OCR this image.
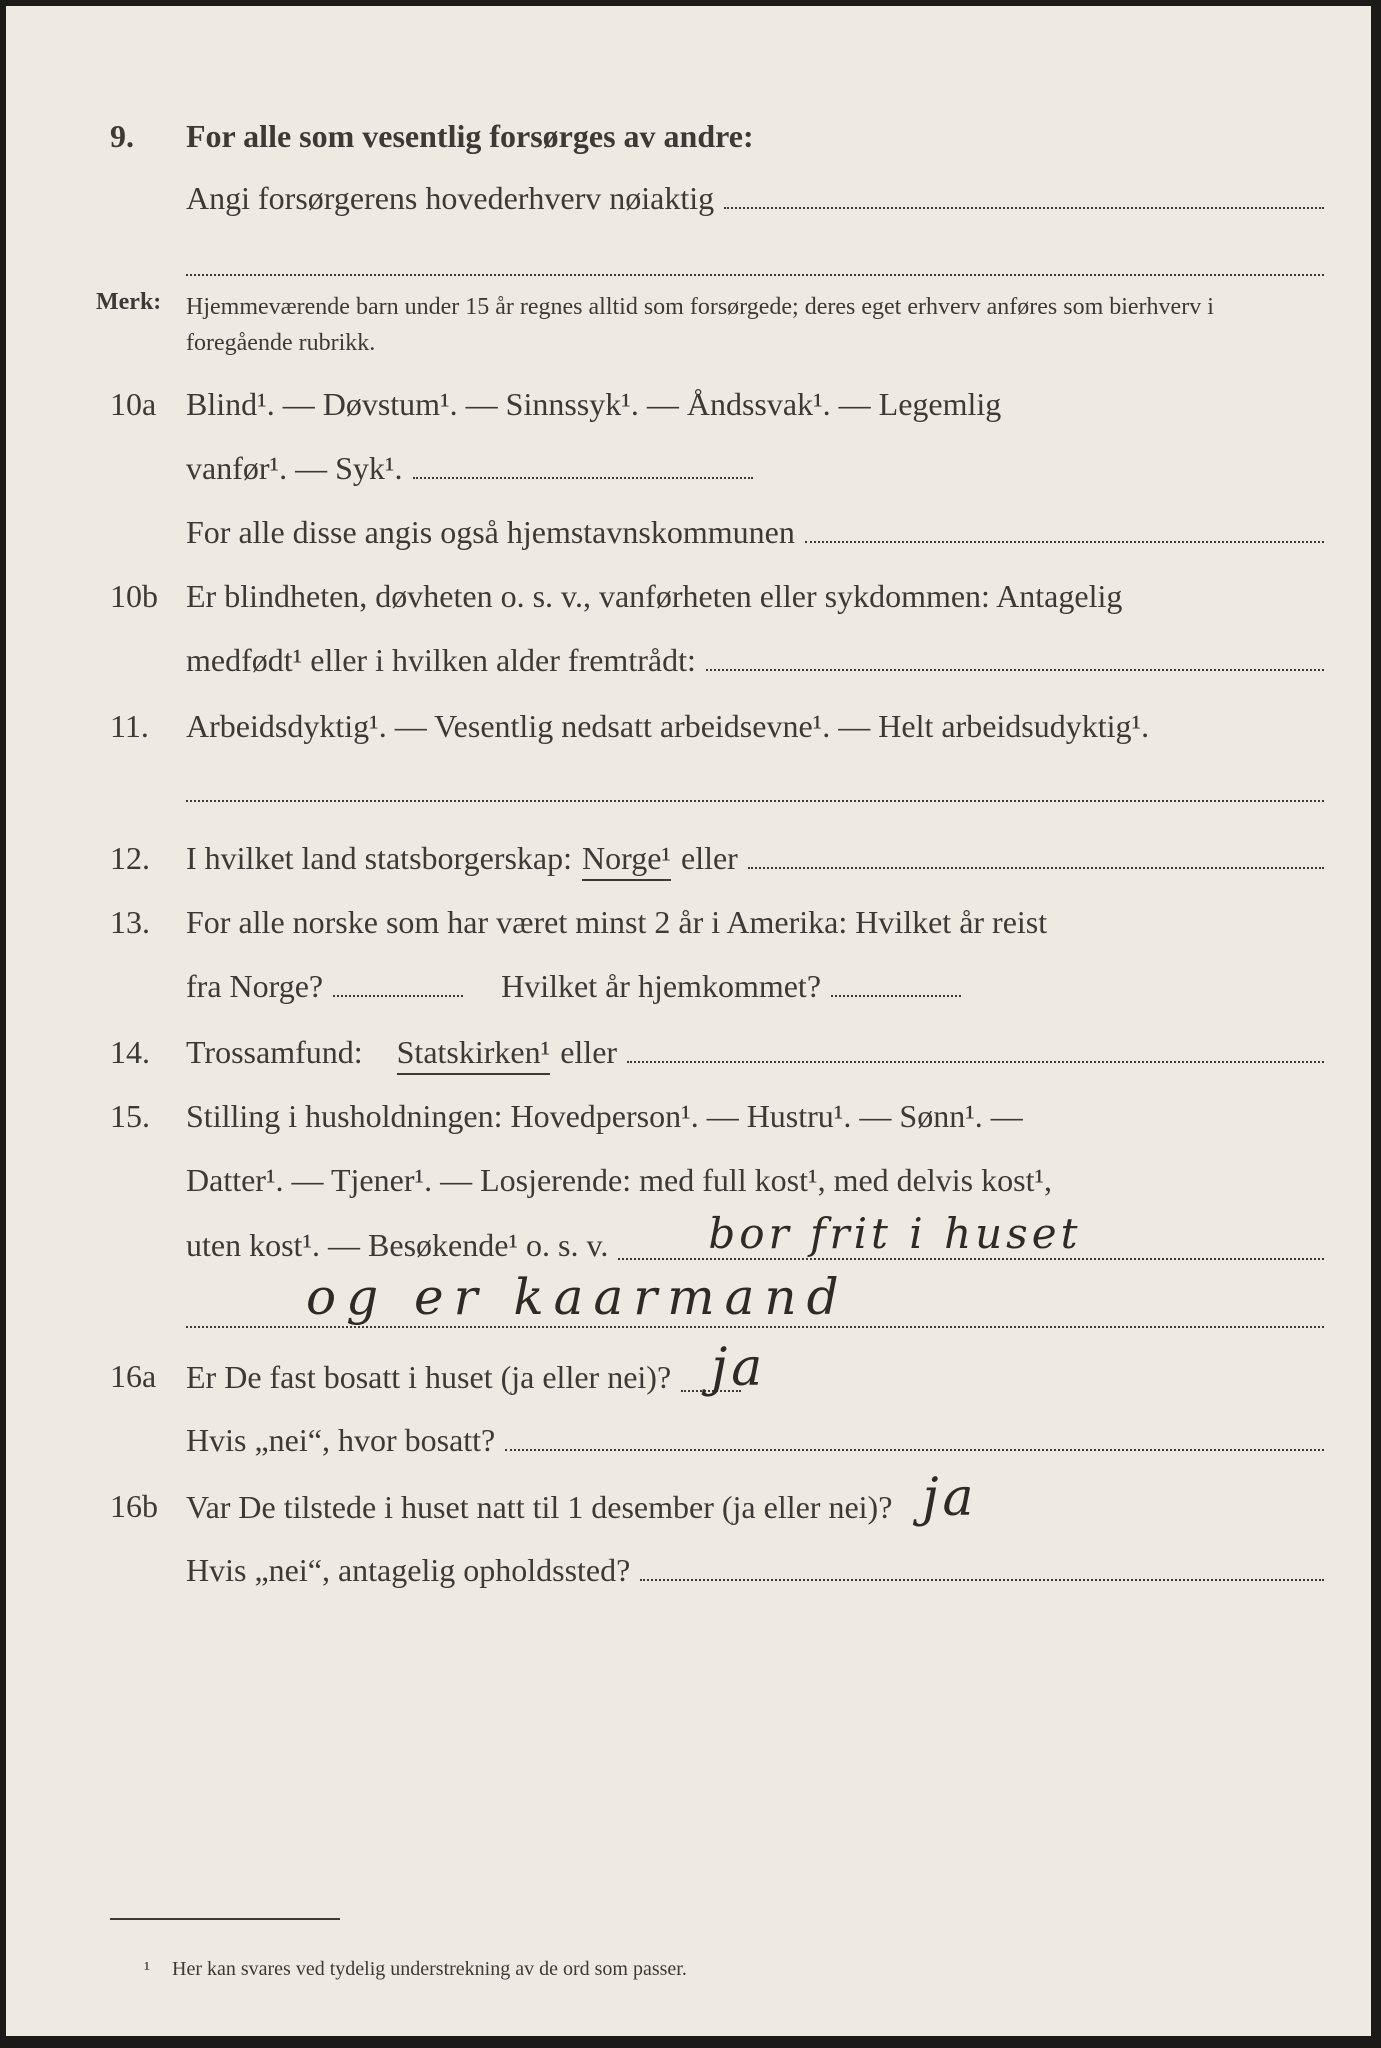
9.	For alle som vesentlig forsørges av andre:
Angi forsørgerens hovederhverv nøiaktig
Merk: Hjemmeværende barn under 15 år regnes alltid som forsørgede; deres eget erhverv anføres som bierhverv i foregående rubrikk.
10a Blind¹. — Døvstum¹. — Sinnssyk¹. — Åndssvak¹. — Legemlig
vanfør¹. — Syk¹.
For alle disse angis også hjemstavnskommunen
10b Er blindheten, døvheten o. s. v., vanførheten eller sykdommen: Antagelig
medfødt¹ eller i hvilken alder fremtrådt:
11.	Arbeidsdyktig¹. — Vesentlig nedsatt arbeidsevne¹. — Helt arbeidsudyktig¹.
12.	I hvilket land statsborgerskap: Norge¹ eller
13.	For alle norske som har været minst 2 år i Amerika: Hvilket år reist
fra Norge?	Hvilket år hjemkommet?
14.	Trossamfund: Statskirken¹ eller
15.	Stilling i husholdningen: Hovedperson¹. — Hustru¹. — Sønn¹. —
Datter¹. — Tjener¹. — Losjerende: med full kost¹, med delvis kost¹,
uten kost¹. — Besøkende¹ o. s. v. bor frit i huset
og er kaarmand
16a Er De fast bosatt i huset (ja eller nei)? ja
Hvis „nei“, hvor bosatt?
16b Var De tilstede i huset natt til 1 desember (ja eller nei)? ja
Hvis „nei“, antagelig opholdssted?
¹ Her kan svares ved tydelig understrekning av de ord som passer.
